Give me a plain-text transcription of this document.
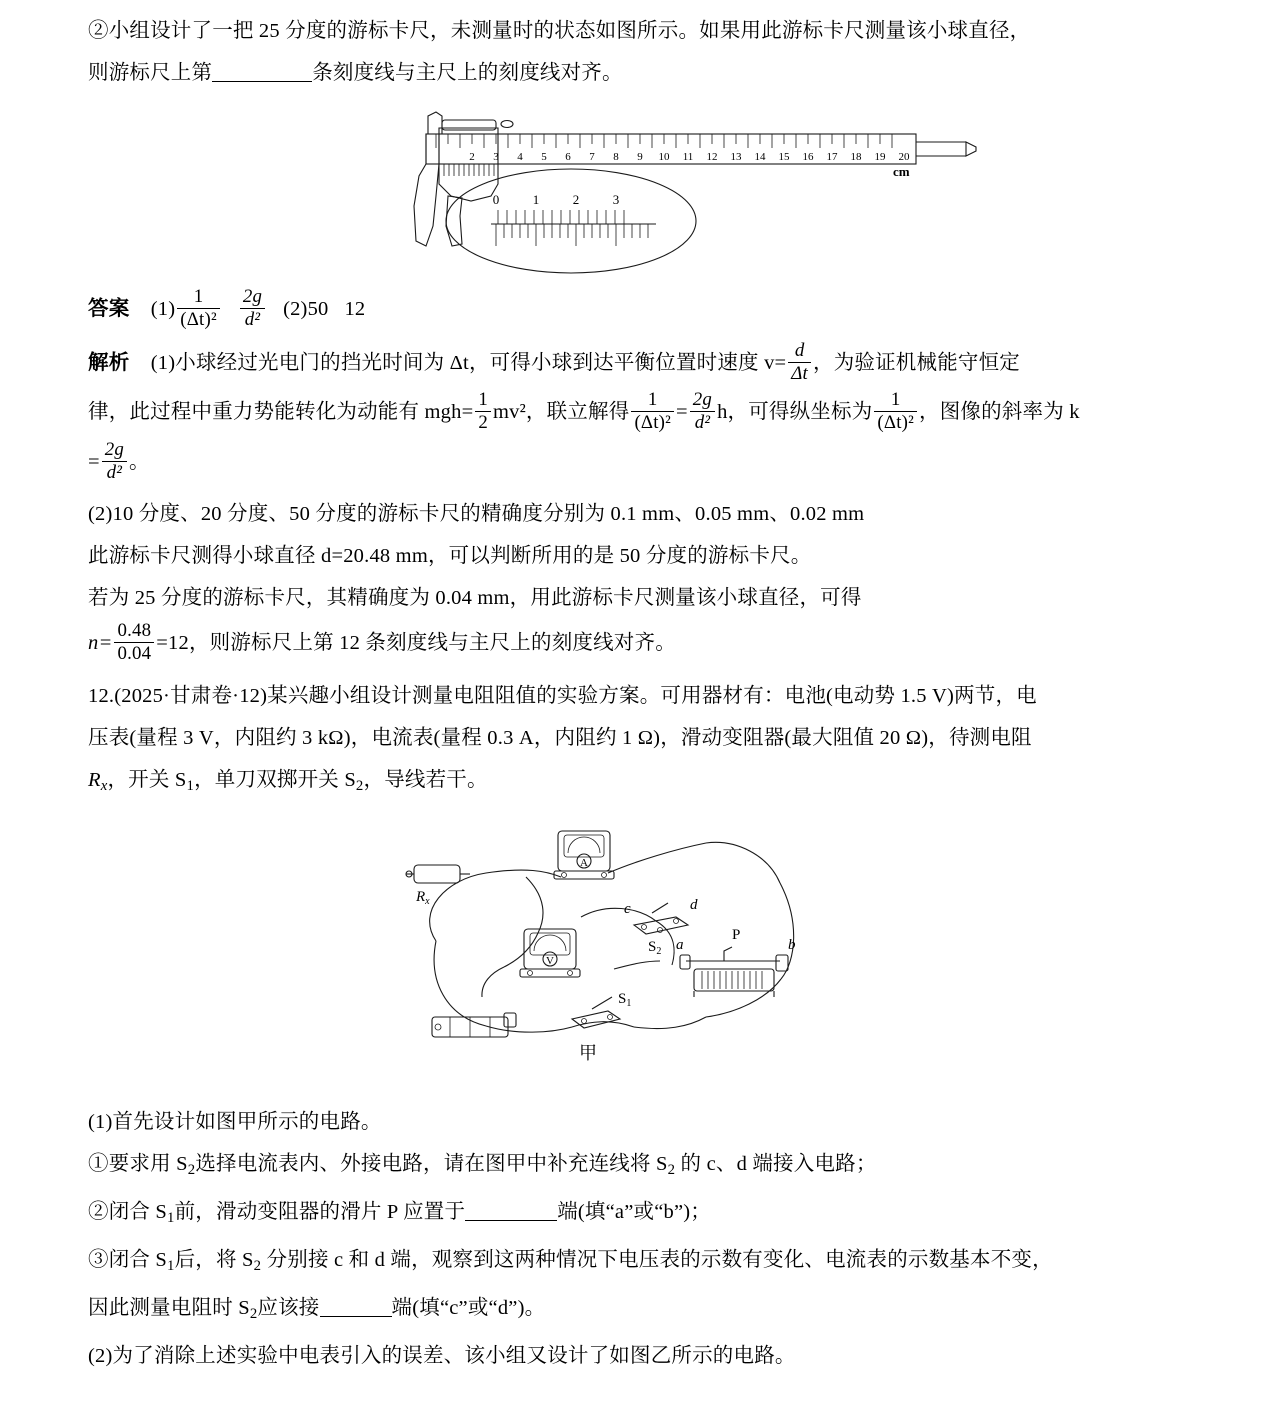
②小组设计了一把 25 分度的游标卡尺，未测量时的状态如图所示。如果用此游标卡尺测量该小球直径，

则游标尺上第	条刻度线与主尺上的刻度线对齐。

2 3 4 5 6 7 8 9 10 11 12 13 14 15 16 17 18 19 20
cm
0	1	2	3

答案 $(1) \frac{1}{\text{(Δt)²}}$
$\frac{2g}{\text{d²}} (2)50$ 12

解析 (1)小球经过光电门的挡光时间为 Δt，可得小球到达平衡位置时速度 $v= \frac{d}{\Delta t}$ ，为验证机械能守恒定

律，此过程中重力势能转化为动能有 $mgh= \frac{1}{2} mv^2$，联立解得 $\frac{1}{\text{(Δt)²}} = \frac{2g}{\text{d²}}$ h，可得纵坐标为 $\frac{1}{\text{(Δt)²}}$ ，图像的斜率为 k

= $\frac{2g}{\text{d²}}$ 。

(2)10 分度、20 分度、50 分度的游标卡尺的精确度分别为 0.1 mm、0.05 mm、0.02 mm

此游标卡尺测得小球直径 d=20.48 mm，可以判断所用的是 50 分度的游标卡尺。

若为 25 分度的游标卡尺，其精确度为 0.04 mm，用此游标卡尺测量该小球直径，可得

$n= \frac{0.48}{0.04} =12$，则游标尺上第 12 条刻度线与主尺上的刻度线对齐。

12.(2025·甘肃卷·12)某兴趣小组设计测量电阻阻值的实验方案。可用器材有：电池(电动势 1.5 V)两节，电

压表(量程 3 V，内阻约 3 kΩ)，电流表(量程 0.3 A，内阻约 1 Ω)，滑动变阻器(最大阻值 20 Ω)，待测电阻

$R_x$，开关 $S_1$，单刀双掷开关 $S_2$，导线若干。

$R_x$
A
V
c	d
$S_2$ a	b
P
$S_1$
甲

(1)首先设计如图甲所示的电路。

①要求用 $S_2$选择电流表内、外接电路，请在图甲中补充连线将 $S_2$ 的 c、d 端接入电路；

②闭合 $S_1$前，滑动变阻器的滑片 P 应置于	端(填“a”或“b”)；

③闭合 $S_1$后，将 $S_2$ 分别接 c 和 d 端，观察到这两种情况下电压表的示数有变化、电流表的示数基本不变，

因此测量电阻时 $S_2$应该接	端(填“c”或“d”)。

(2)为了消除上述实验中电表引入的误差、该小组又设计了如图乙所示的电路。
